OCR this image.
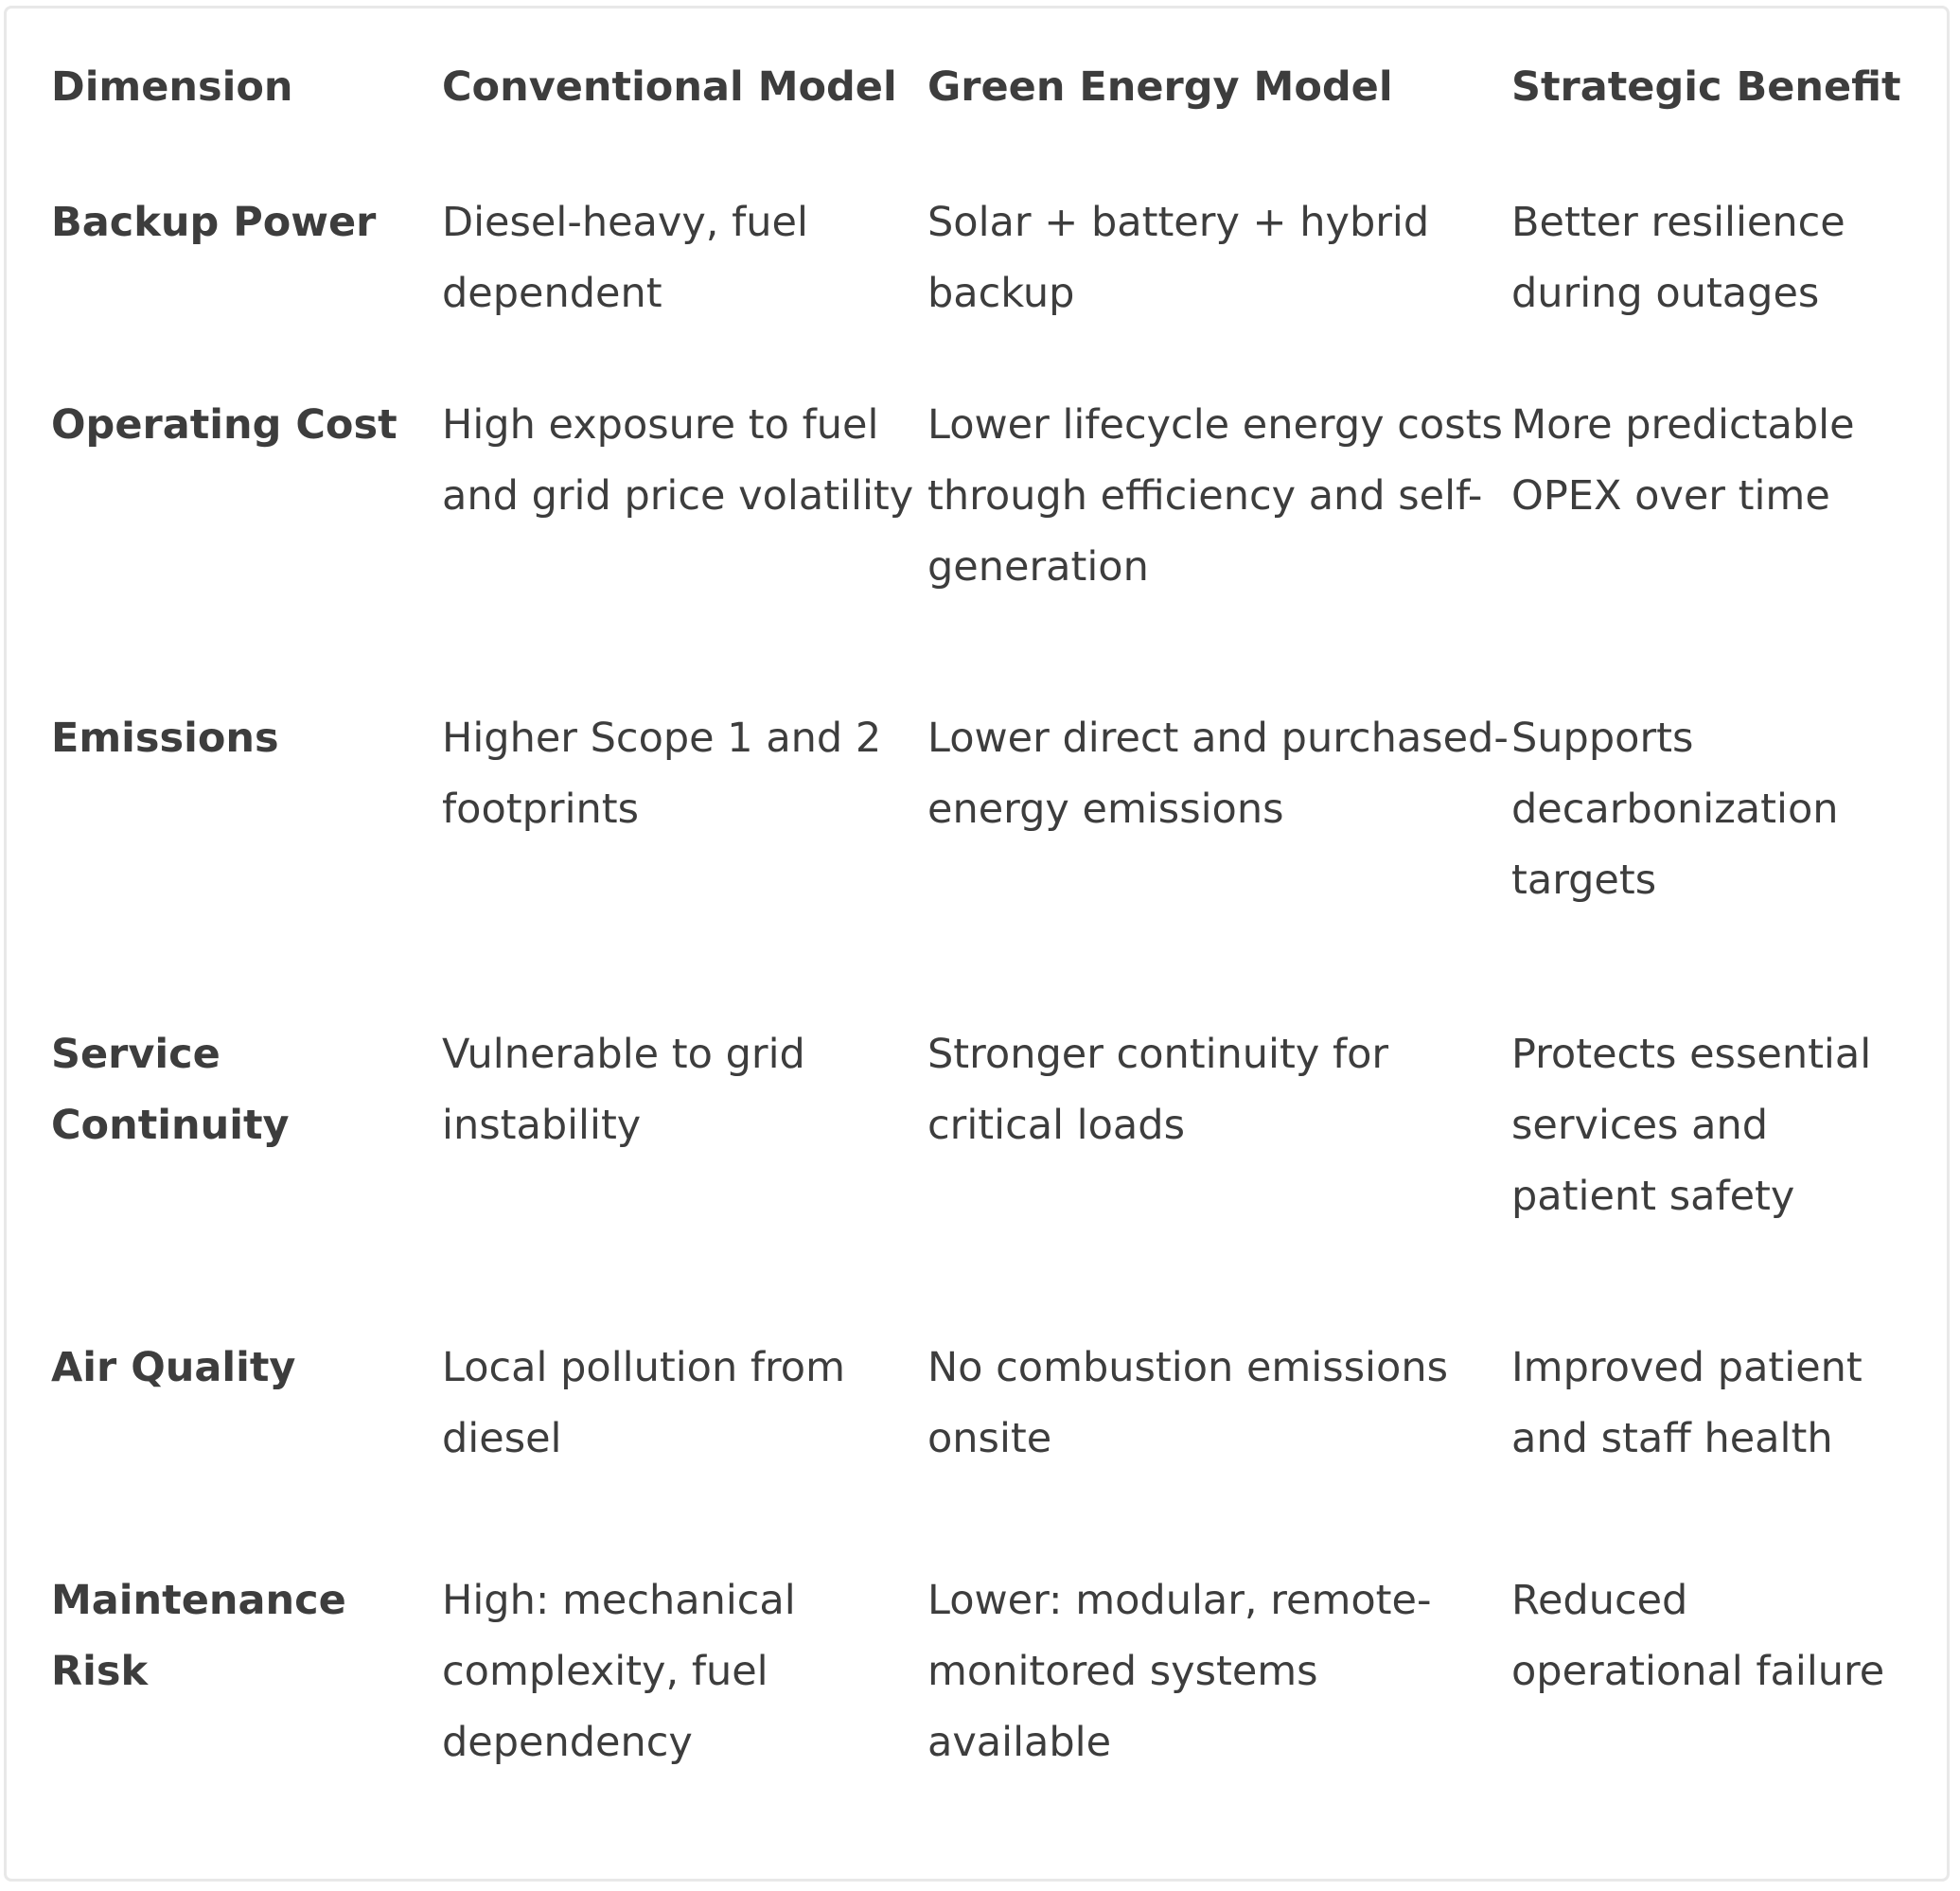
Dimension	Conventional Model	Green Energy Model	Strategic Benefit
Backup Power	Diesel-heavy, fuel dependent	Solar + battery + hybrid backup	Better resilience during outages
Operating Cost	High exposure to fuel and grid price volatility	Lower lifecycle energy costs through efficiency and self-generation	More predictable OPEX over time
Emissions	Higher Scope 1 and 2 footprints	Lower direct and purchased-energy emissions	Supports decarbonization targets
Service Continuity	Vulnerable to grid instability	Stronger continuity for critical loads	Protects essential services and patient safety
Air Quality	Local pollution from diesel	No combustion emissions onsite	Improved patient and staff health
Maintenance Risk	High: mechanical complexity, fuel dependency	Lower: modular, remote-monitored systems available	Reduced operational failure
